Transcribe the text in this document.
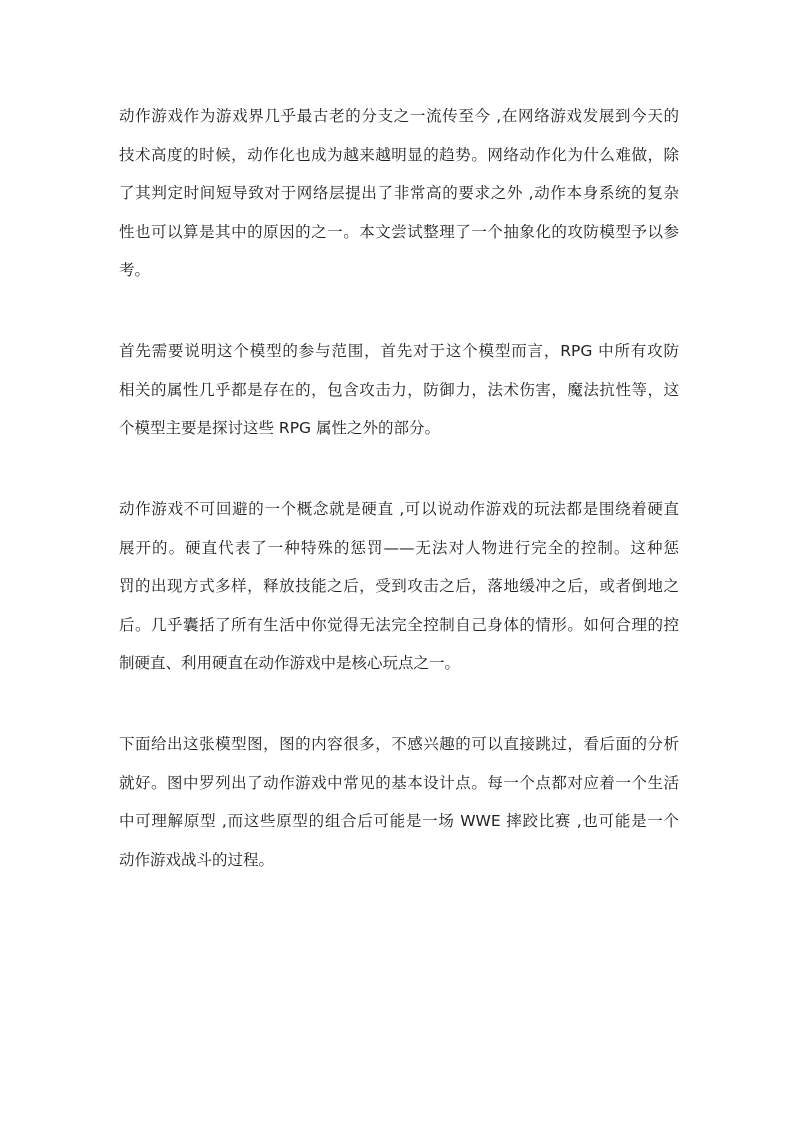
动作游戏作为游戏界几乎最古老的分支之一流传至今 ,在网络游戏发展到今天的
技术高度的时候，动作化也成为越来越明显的趋势。网络动作化为什么难做，除
了其判定时间短导致对于网络层提出了非常高的要求之外 ,动作本身系统的复杂
性也可以算是其中的原因的之一。本文尝试整理了一个抽象化的攻防模型予以参
考。
首先需要说明这个模型的参与范围，首先对于这个模型而言，RPG 中所有攻防
相关的属性几乎都是存在的，包含攻击力，防御力，法术伤害，魔法抗性等，这
个模型主要是探讨这些 RPG 属性之外的部分。
动作游戏不可回避的一个概念就是硬直 ,可以说动作游戏的玩法都是围绕着硬直
展开的。硬直代表了一种特殊的惩罚——无法对人物进行完全的控制。这种惩
罚的出现方式多样，释放技能之后，受到攻击之后，落地缓冲之后，或者倒地之
后。几乎囊括了所有生活中你觉得无法完全控制自己身体的情形。如何合理的控
制硬直、利用硬直在动作游戏中是核心玩点之一。
下面给出这张模型图，图的内容很多，不感兴趣的可以直接跳过，看后面的分析
就好。图中罗列出了动作游戏中常见的基本设计点。每一个点都对应着一个生活
中可理解原型 ,而这些原型的组合后可能是一场 WWE 摔跤比赛 ,也可能是一个
动作游戏战斗的过程。
